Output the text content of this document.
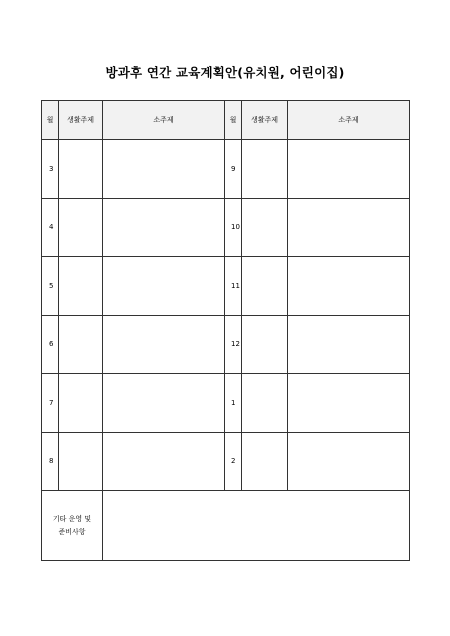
방과후 연간 교육계획안(유치원, 어린이집)
월	생활주제	소주제	월	생활주제	소주제
3			9		
4			10		
5			11		
6			12		
7			1		
8			2		

기타 운영 및
준비사항					
